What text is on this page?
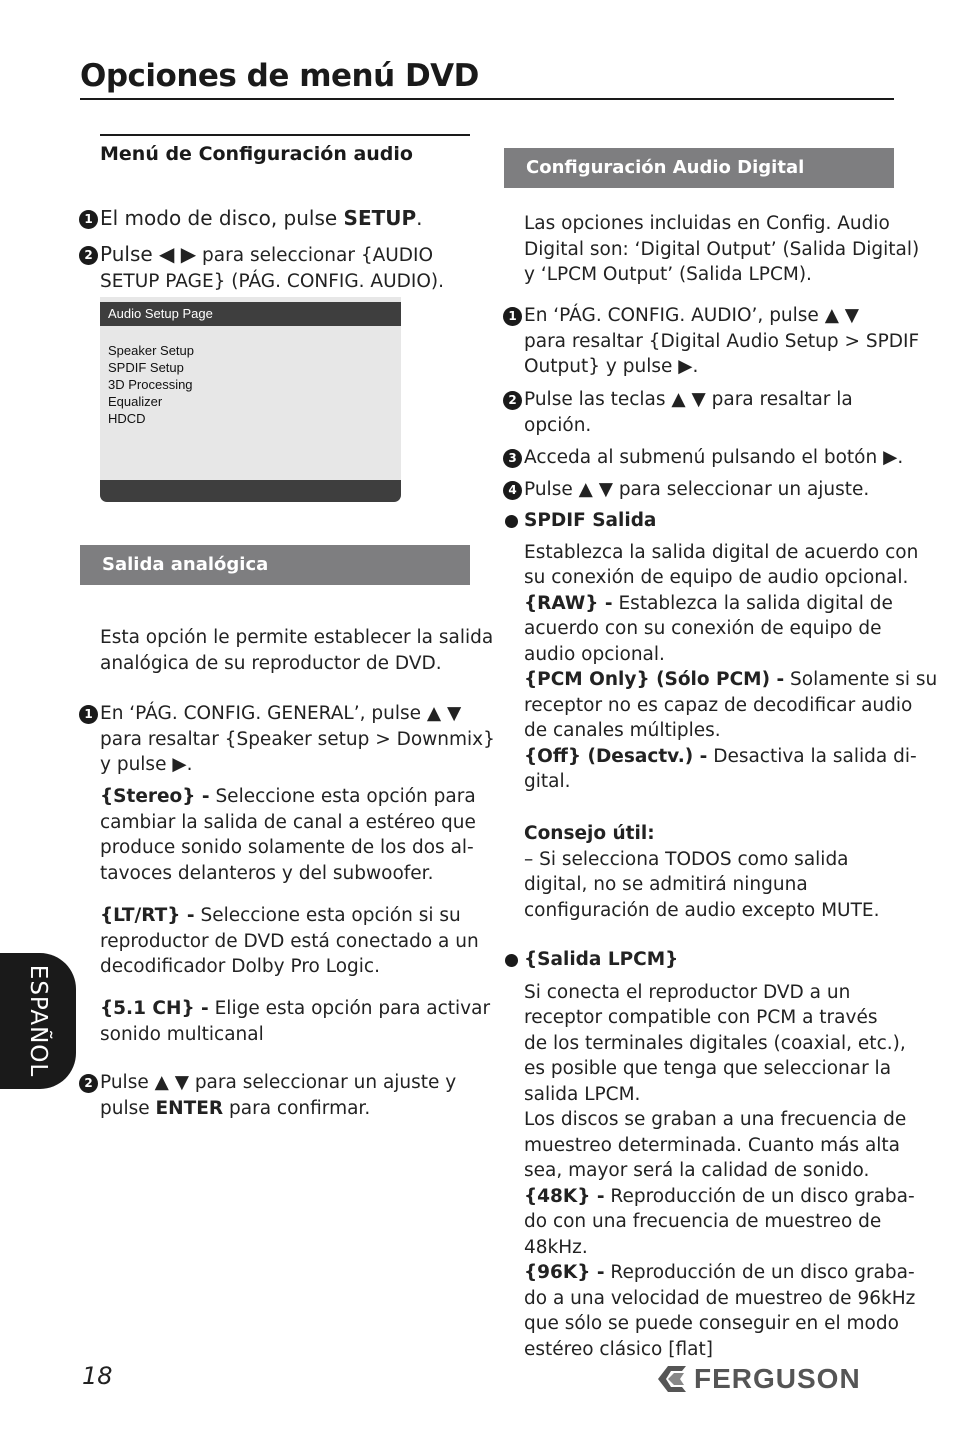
Opciones de menú DVD
Menú de Configuración audio
1 El modo de disco, pulse SETUP.
2 Pulse ◀ ▶ para seleccionar {AUDIO
SETUP PAGE} (PÁG. CONFIG. AUDIO).
Audio Setup Page
Speaker Setup
SPDIF Setup
3D Processing
Equalizer
HDCD
Salida analógica
Esta opción le permite establecer la salida
analógica de su reproductor de DVD.
1 En ‘PÁG. CONFIG. GENERAL’, pulse ▲ ▼
para resaltar {Speaker setup > Downmix}
y pulse ▶.
{Stereo} - Seleccione esta opción para
cambiar la salida de canal a estéreo que
produce sonido solamente de los dos al-
tavoces delanteros y del subwoofer.
{LT/RT} - Seleccione esta opción si su
reproductor de DVD está conectado a un
decodificador Dolby Pro Logic.
{5.1 CH} - Elige esta opción para activar
sonido multicanal
2 Pulse ▲ ▼ para seleccionar un ajuste y
pulse ENTER para confirmar.
ESPAÑOL
Configuración Audio Digital
Las opciones incluidas en Config. Audio
Digital son: ‘Digital Output’ (Salida Digital)
y ‘LPCM Output’ (Salida LPCM).
1 En ‘PÁG. CONFIG. AUDIO’, pulse ▲ ▼
para resaltar {Digital Audio Setup > SPDIF
Output} y pulse ▶.
2 Pulse las teclas ▲ ▼ para resaltar la
opción.
3 Acceda al submenú pulsando el botón ▶.
4 Pulse ▲ ▼ para seleccionar un ajuste.
SPDIF Salida
Establezca la salida digital de acuerdo con
su conexión de equipo de audio opcional.
{RAW} - Establezca la salida digital de
acuerdo con su conexión de equipo de
audio opcional.
{PCM Only} (Sólo PCM) - Solamente si su
receptor no es capaz de decodificar audio
de canales múltiples.
{Off} (Desactv.) - Desactiva la salida di-
gital.
Consejo útil:
– Si selecciona TODOS como salida
digital, no se admitirá ninguna
configuración de audio excepto MUTE.
{Salida LPCM}
Si conecta el reproductor DVD a un
receptor compatible con PCM a través
de los terminales digitales (coaxial, etc.),
es posible que tenga que seleccionar la
salida LPCM.
Los discos se graban a una frecuencia de
muestreo determinada. Cuanto más alta
sea, mayor será la calidad de sonido.
{48K} - Reproducción de un disco graba-
do con una frecuencia de muestreo de
48kHz.
{96K} - Reproducción de un disco graba-
do a una velocidad de muestreo de 96kHz
que sólo se puede conseguir en el modo
estéreo clásico [flat]
18	FERGUSON
